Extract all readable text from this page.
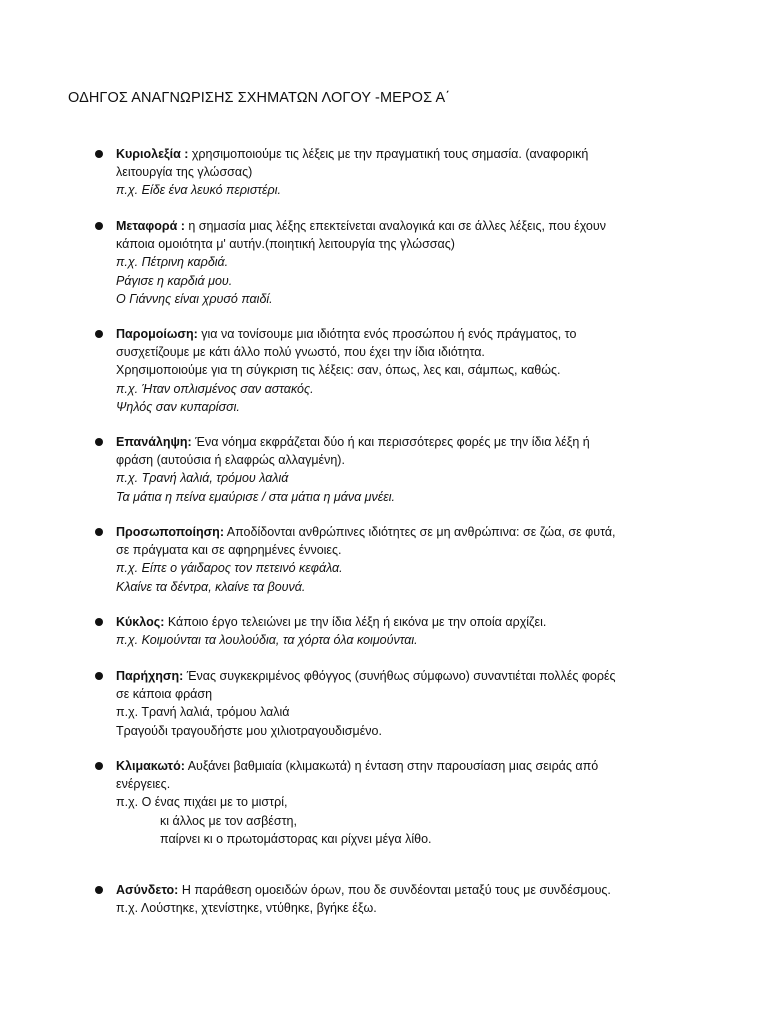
ΟΔΗΓΟΣ ΑΝΑΓΝΩΡΙΣΗΣ ΣΧΗΜΑΤΩΝ ΛΟΓΟΥ -ΜΕΡΟΣ Α΄
Κυριολεξία : χρησιμοποιούμε τις λέξεις με την πραγματική τους σημασία. (αναφορική
λειτουργία της γλώσσας)
π.χ. Είδε ένα λευκό περιστέρι.
Μεταφορά : η σημασία μιας λέξης επεκτείνεται αναλογικά και σε άλλες λέξεις, που έχουν
κάποια ομοιότητα μ' αυτήν.(ποιητική λειτουργία της γλώσσας)
π.χ. Πέτρινη καρδιά.
Ράγισε η καρδιά μου.
Ο Γιάννης είναι χρυσό παιδί.
Παρομοίωση: για να τονίσουμε μια ιδιότητα ενός προσώπου ή ενός πράγματος, το
συσχετίζουμε με κάτι άλλο πολύ γνωστό, που έχει την ίδια ιδιότητα.
Χρησιμοποιούμε για τη σύγκριση τις λέξεις: σαν, όπως, λες και, σάμπως, καθώς.
π.χ. Ήταν οπλισμένος σαν αστακός.
Ψηλός σαν κυπαρίσσι.
Επανάληψη: Ένα νόημα εκφράζεται δύο ή και περισσότερες φορές με την ίδια λέξη ή
φράση (αυτούσια ή ελαφρώς αλλαγμένη).
π.χ. Τρανή λαλιά, τρόμου λαλιά
Τα μάτια η πείνα εμαύρισε / στα μάτια η μάνα μνέει.
Προσωποποίηση: Αποδίδονται ανθρώπινες ιδιότητες σε μη ανθρώπινα: σε ζώα, σε φυτά,
σε πράγματα και σε αφηρημένες έννοιες.
π.χ. Είπε ο γάιδαρος τον πετεινό κεφάλα.
Κλαίνε τα δέντρα, κλαίνε τα βουνά.
Κύκλος: Κάποιο έργο τελειώνει με την ίδια λέξη ή εικόνα με την οποία αρχίζει.
π.χ. Κοιμούνται τα λουλούδια, τα χόρτα όλα κοιμούνται.
Παρήχηση: Ένας συγκεκριμένος φθόγγος (συνήθως σύμφωνο) συναντιέται πολλές φορές
σε κάποια φράση
π.χ. Τρανή λαλιά, τρόμου λαλιά
Τραγούδι τραγουδήστε μου χιλιοτραγουδισμένο.
Κλιμακωτό: Αυξάνει βαθμιαία (κλιμακωτά) η ένταση στην παρουσίαση μιας σειράς από
ενέργειες.
π.χ. Ο ένας πιχάει με το μιστρί,
κι άλλος με τον ασβέστη,
παίρνει κι ο πρωτομάστορας και ρίχνει μέγα λίθο.
Ασύνδετο: Η παράθεση ομοειδών όρων, που δε συνδέονται μεταξύ τους με συνδέσμους.
π.χ. Λούστηκε, χτενίστηκε, ντύθηκε, βγήκε έξω.
